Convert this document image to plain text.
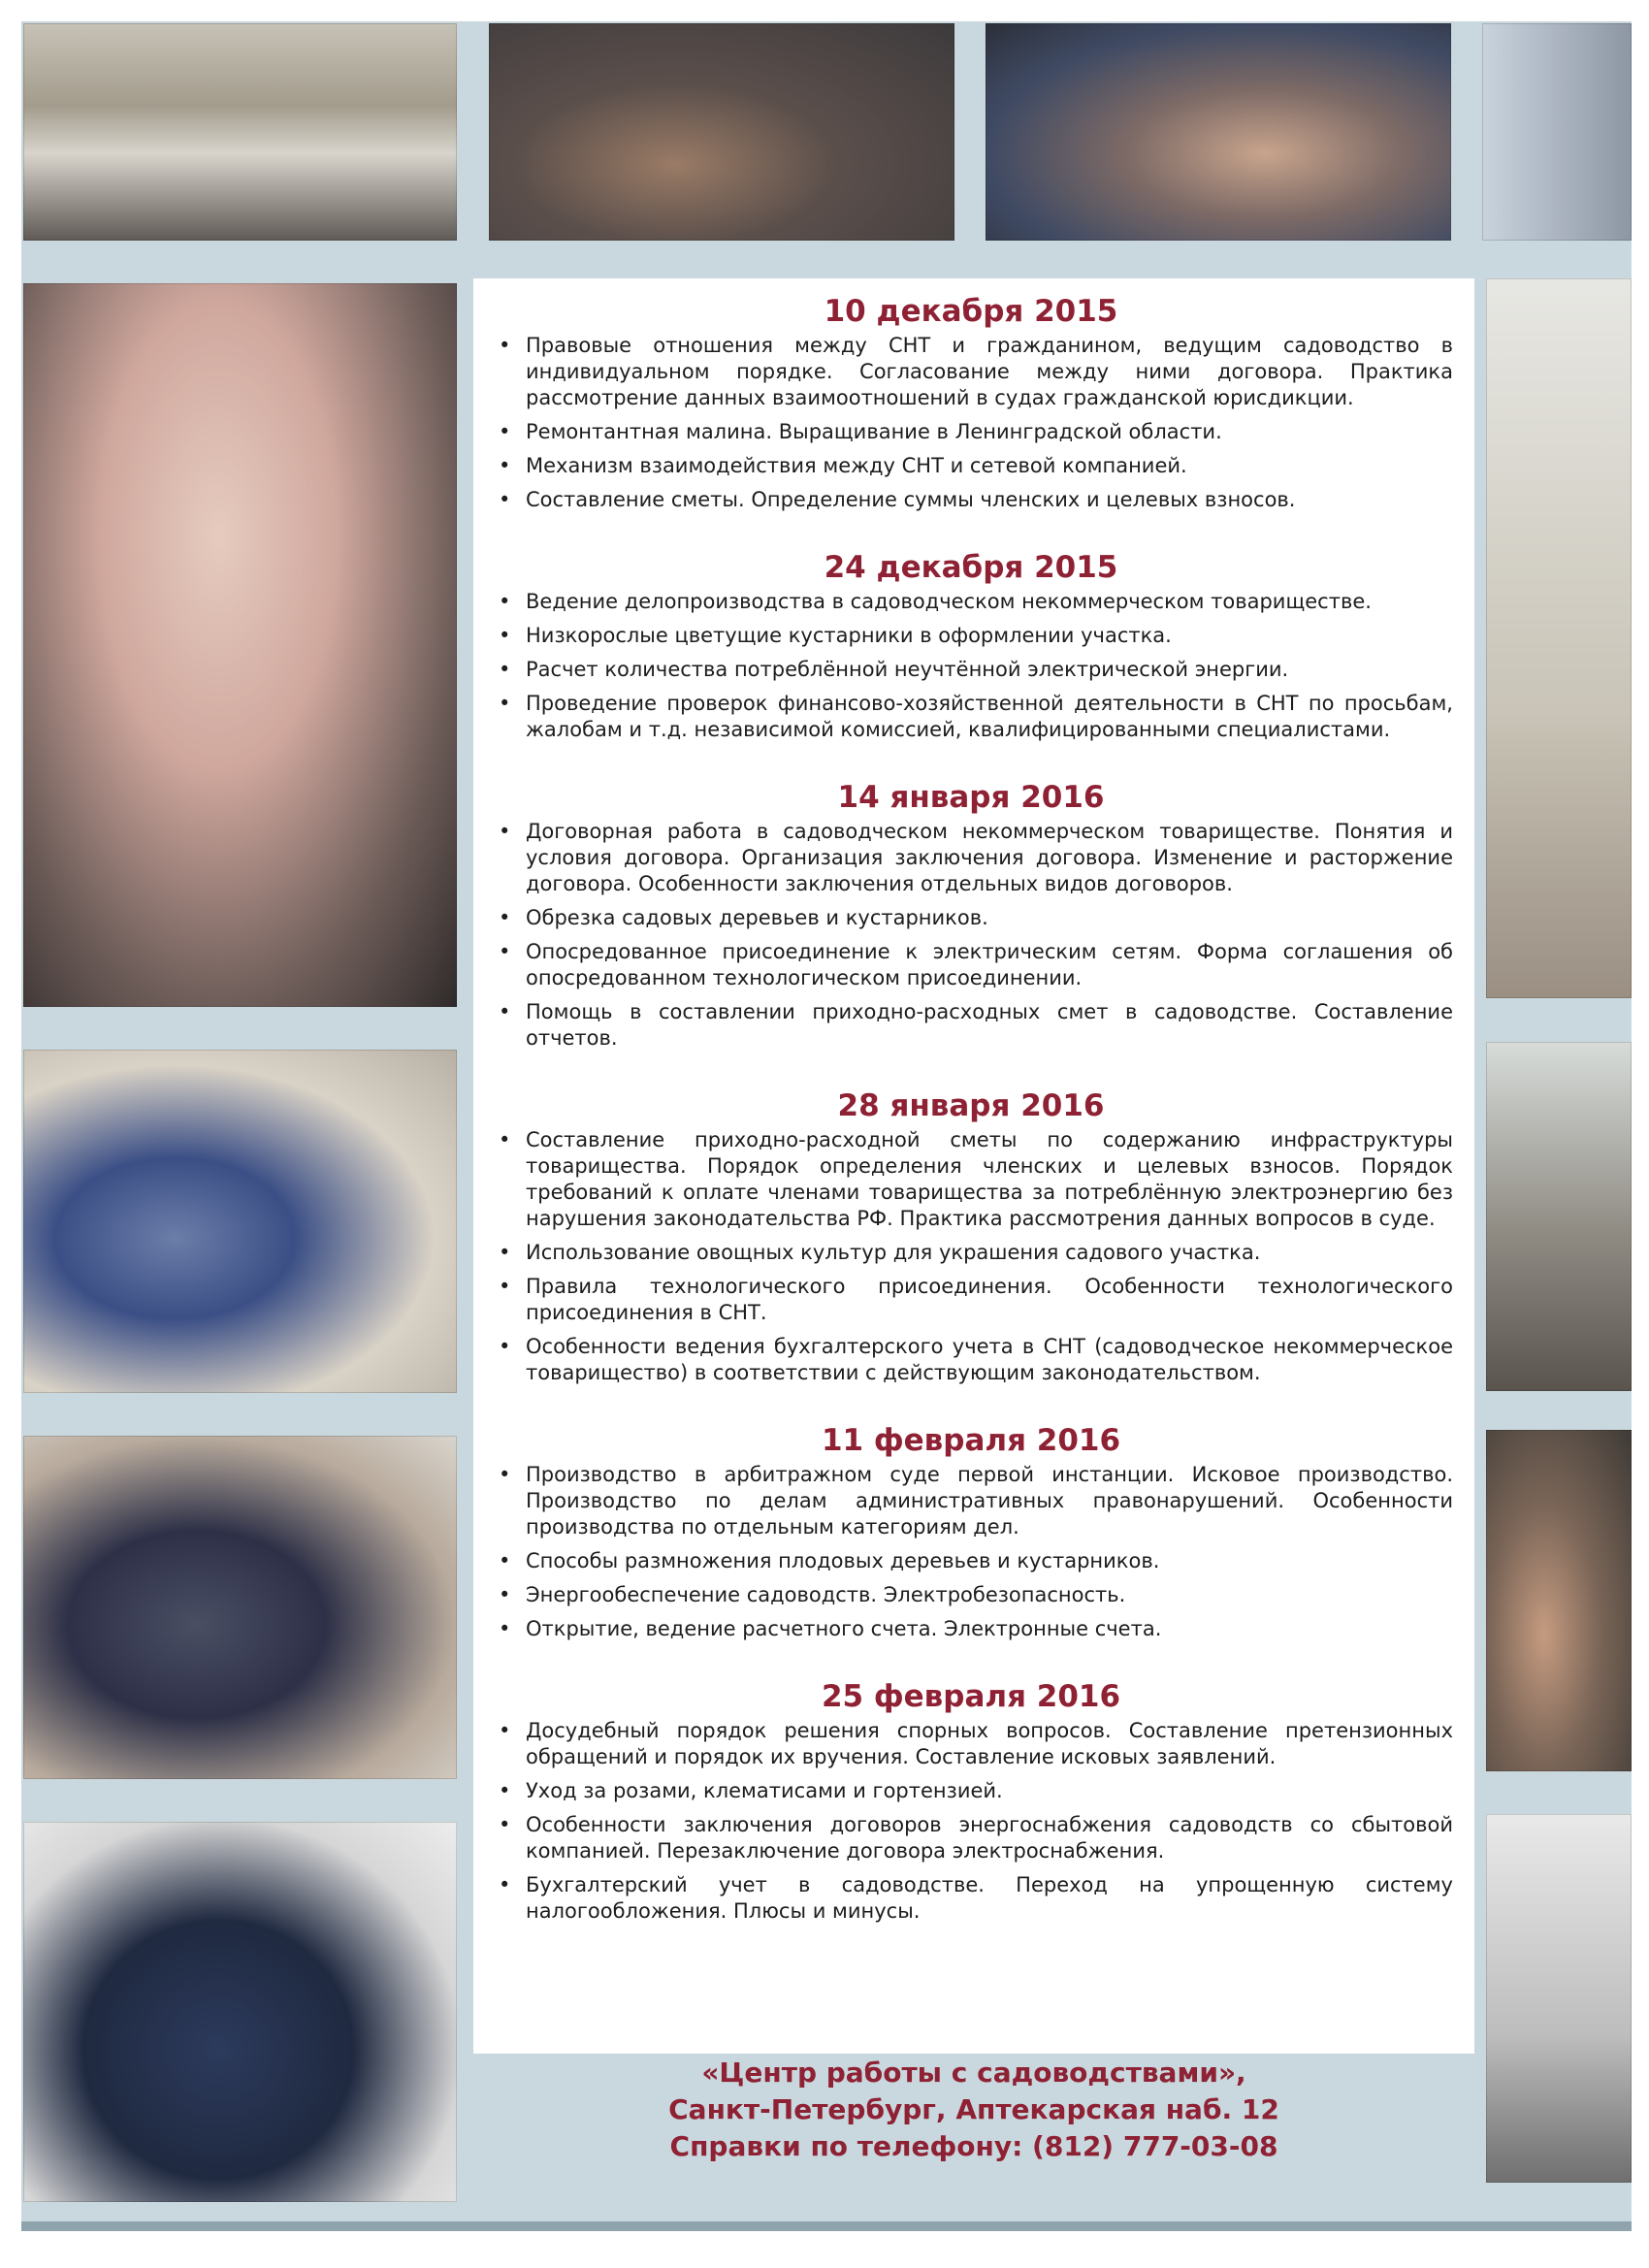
10 декабря 2015

• Правовые отношения между СНТ и гражданином, ведущим садоводство в индивидуальном порядке. Согласование между ними договора. Практика рассмотрение данных взаимоотношений в судах гражданской юрисдикции.
• Ремонтантная малина. Выращивание в Ленинградской области.
• Механизм взаимодействия между СНТ и сетевой компанией.
• Составление сметы. Определение суммы членских и целевых взносов.

24 декабря 2015

• Ведение делопроизводства в садоводческом некоммерческом товариществе.
• Низкорослые цветущие кустарники в оформлении участка.
• Расчет количества потреблённой неучтённой электрической энергии.
• Проведение проверок финансово-хозяйственной деятельности в СНТ по просьбам, жалобам и т.д. независимой комиссией, квалифицированными специалистами.

14 января 2016

• Договорная работа в садоводческом некоммерческом товариществе. Понятия и условия договора. Организация заключения договора. Изменение и расторжение договора. Особенности заключения отдельных видов договоров.
• Обрезка садовых деревьев и кустарников.
• Опосредованное присоединение к электрическим сетям. Форма соглашения об опосредованном технологическом присоединении.
• Помощь в составлении приходно-расходных смет в садоводстве. Составление отчетов.

28 января 2016

• Составление приходно-расходной сметы по содержанию инфраструктуры товарищества. Порядок определения членских и целевых взносов. Порядок требований к оплате членами товарищества за потреблённую электроэнергию без нарушения законодательства РФ. Практика рассмотрения данных вопросов в суде.
• Использование овощных культур для украшения садового участка.
• Правила технологического присоединения. Особенности технологического присоединения в СНТ.
• Особенности ведения бухгалтерского учета в СНТ (садоводческое некоммерческое товарищество) в соответствии с действующим законодательством.

11 февраля 2016

• Производство в арбитражном суде первой инстанции. Исковое производство. Производство по делам административных правонарушений. Особенности производства по отдельным категориям дел.
• Способы размножения плодовых деревьев и кустарников.
• Энергообеспечение садоводств. Электробезопасность.
• Открытие, ведение расчетного счета. Электронные счета.

25 февраля 2016

• Досудебный порядок решения спорных вопросов. Составление претензионных обращений и порядок их вручения. Составление исковых заявлений.
• Уход за розами, клематисами и гортензией.
• Особенности заключения договоров энергоснабжения садоводств со сбытовой компанией. Перезаключение договора электроснабжения.
• Бухгалтерский учет в садоводстве. Переход на упрощенную систему налогообложения. Плюсы и минусы.

«Центр работы с садоводствами»,

Санкт-Петербург, Аптекарская наб. 12

Справки по телефону: (812) 777-03-08
